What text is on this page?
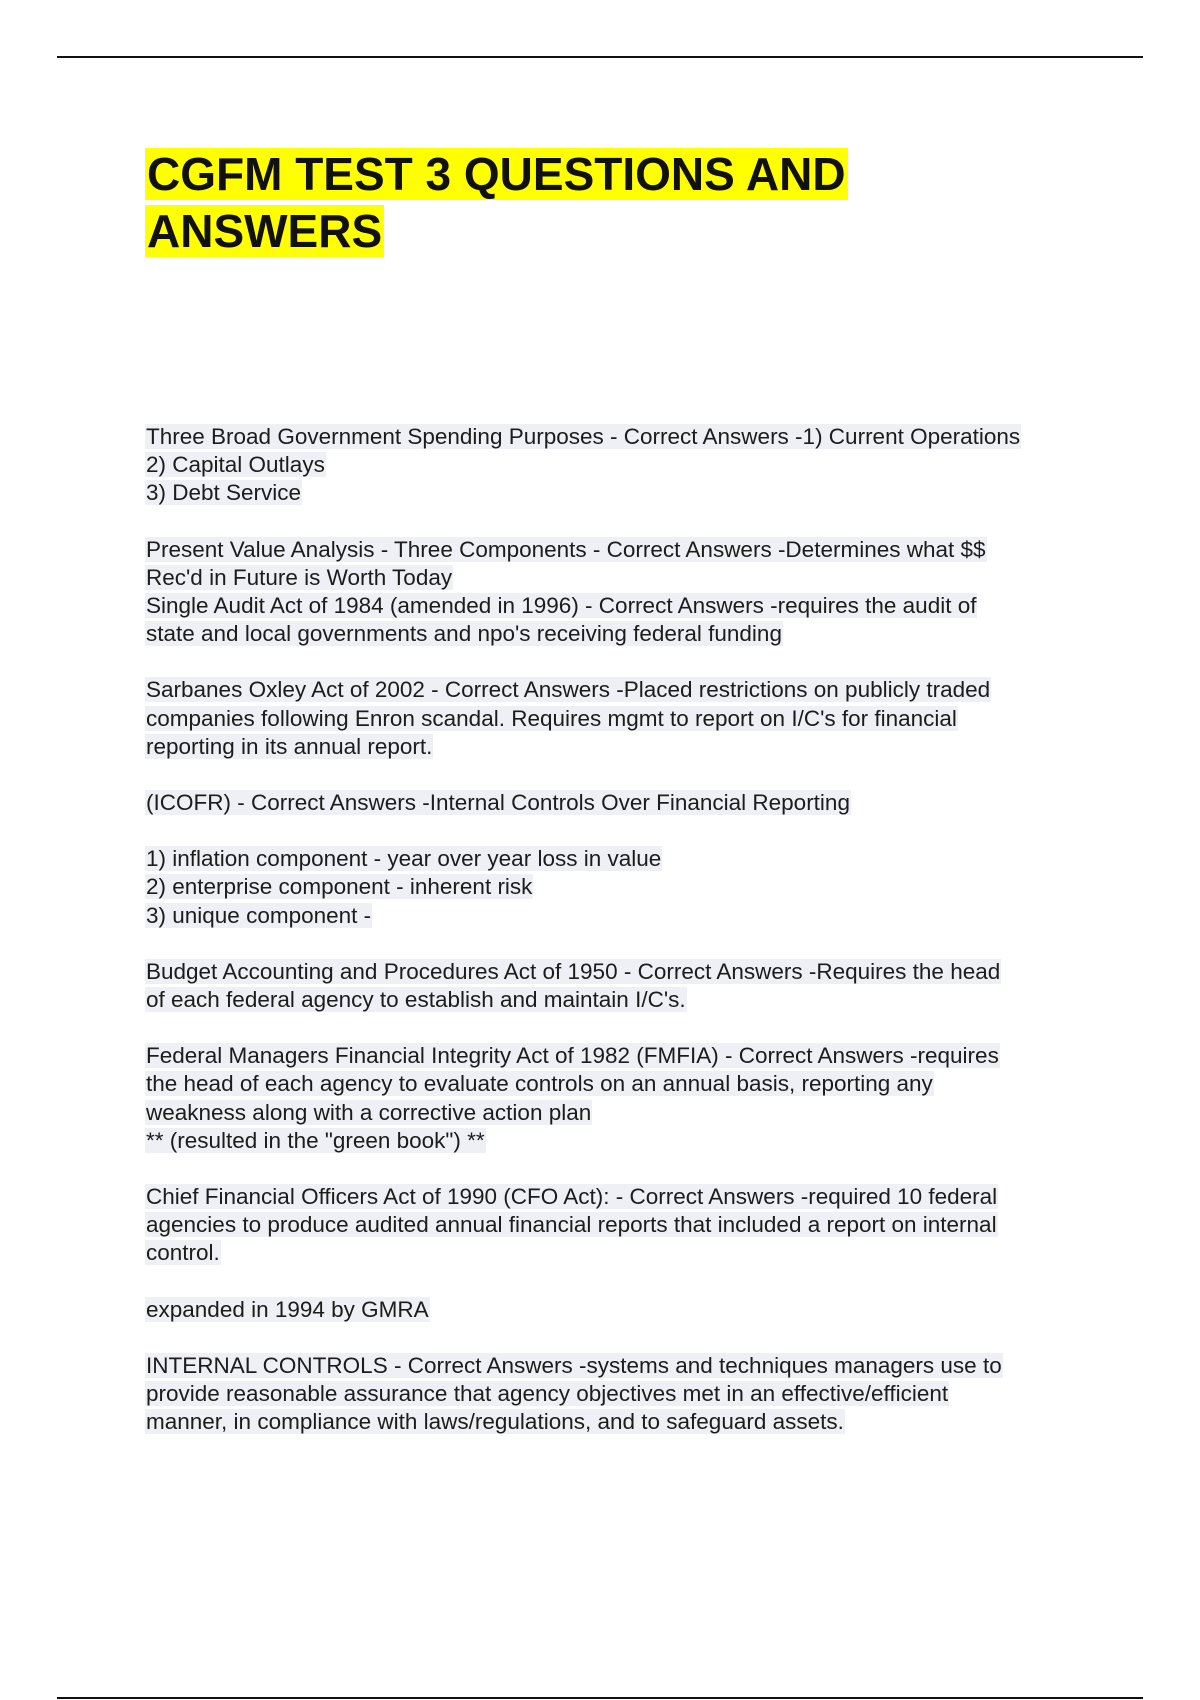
CGFM TEST 3 QUESTIONS AND
ANSWERS

Three Broad Government Spending Purposes - Correct Answers -1) Current Operations
2) Capital Outlays
3) Debt Service

Present Value Analysis - Three Components - Correct Answers -Determines what $$
Rec'd in Future is Worth Today

Single Audit Act of 1984 (amended in 1996) - Correct Answers -requires the audit of
state and local governments and npo's receiving federal funding

Sarbanes Oxley Act of 2002 - Correct Answers -Placed restrictions on publicly traded
companies following Enron scandal. Requires mgmt to report on I/C's for financial
reporting in its annual report.

(ICOFR) - Correct Answers -Internal Controls Over Financial Reporting

1) inflation component - year over year loss in value
2) enterprise component - inherent risk
3) unique component -

Budget Accounting and Procedures Act of 1950 - Correct Answers -Requires the head
of each federal agency to establish and maintain I/C's.

Federal Managers Financial Integrity Act of 1982 (FMFIA) - Correct Answers -requires
the head of each agency to evaluate controls on an annual basis, reporting any
weakness along with a corrective action plan
** (resulted in the "green book") **

Chief Financial Officers Act of 1990 (CFO Act): - Correct Answers -required 10 federal
agencies to produce audited annual financial reports that included a report on internal
control.

expanded in 1994 by GMRA

INTERNAL CONTROLS - Correct Answers -systems and techniques managers use to
provide reasonable assurance that agency objectives met in an effective/efficient
manner, in compliance with laws/regulations, and to safeguard assets.
